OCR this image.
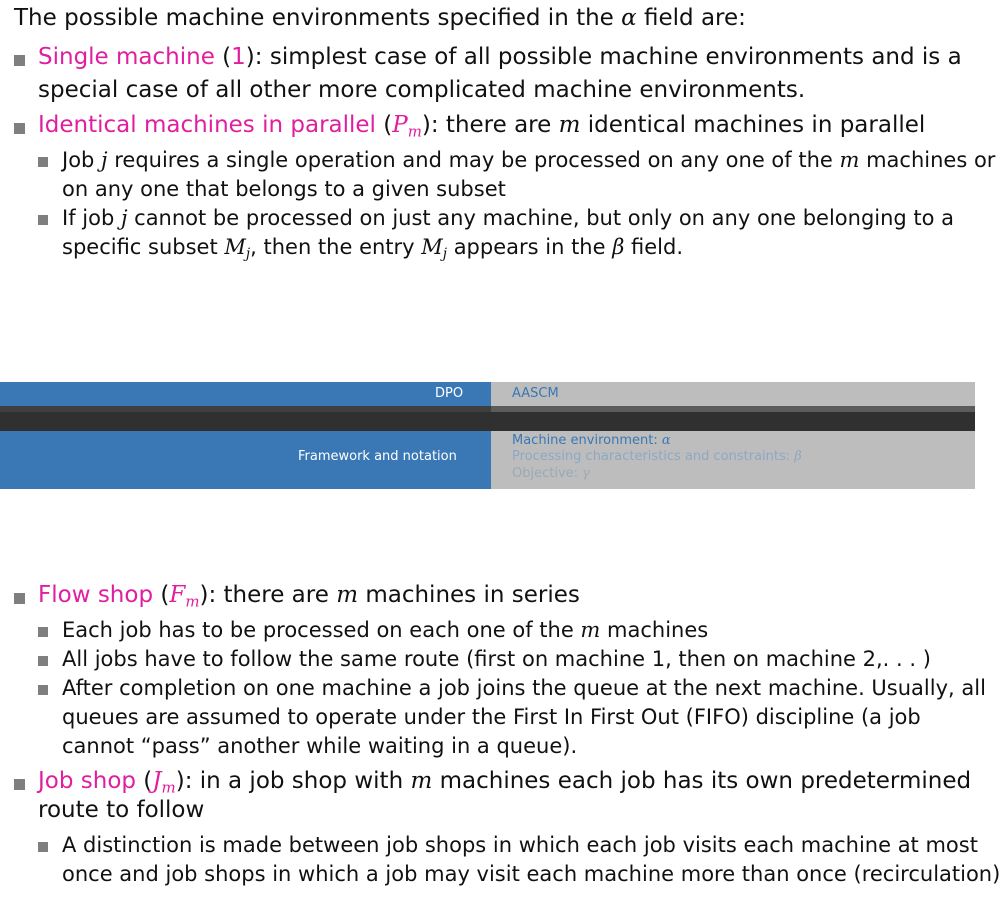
The possible machine environments specified in the α field are:
Single machine (1): simplest case of all possible machine environments and is a
special case of all other more complicated machine environments.
Identical machines in parallel $(P_m)$: there are m identical machines in parallel
Job j requires a single operation and may be processed on any one of the m machines or
on any one that belongs to a given subset
If job j cannot be processed on just any machine, but only on any one belonging to a
specific subset $M_j$, then the entry $M_j$ appears in the β field.
DPO	AASCM
Framework and notation
Machine environment: α
Processing characteristics and constraints: β
Objective: γ
Flow shop $(F_m)$: there are m machines in series
Each job has to be processed on each one of the m machines
All jobs have to follow the same route (first on machine 1, then on machine 2,. . . )
After completion on one machine a job joins the queue at the next machine. Usually, all
queues are assumed to operate under the First In First Out (FIFO) discipline (a job
cannot “pass” another while waiting in a queue).
Job shop $(J_m)$: in a job shop with m machines each job has its own predetermined
route to follow
A distinction is made between job shops in which each job visits each machine at most
once and job shops in which a job may visit each machine more than once (recirculation)
